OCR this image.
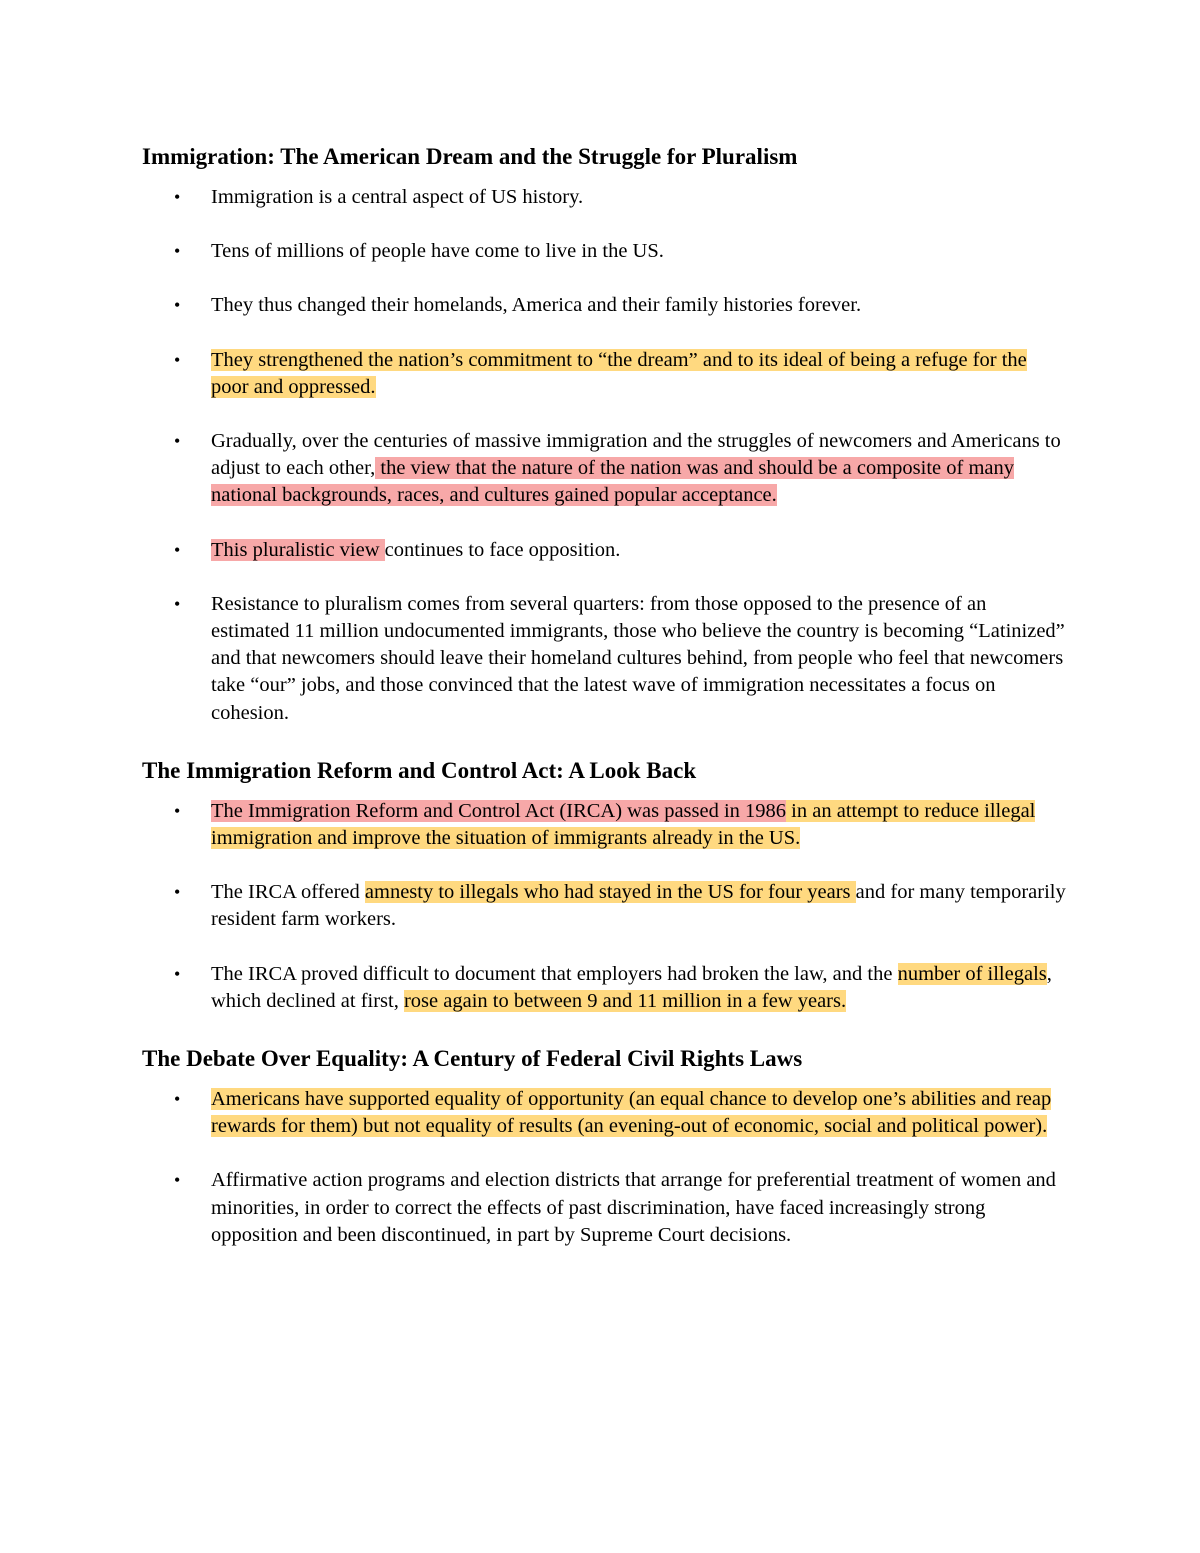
Immigration: The American Dream and the Struggle for Pluralism
• Immigration is a central aspect of US history.
• Tens of millions of people have come to live in the US.
• They thus changed their homelands, America and their family histories forever.
• They strengthened the nation’s commitment to “the dream” and to its ideal of being a refuge for the poor and oppressed.
• Gradually, over the centuries of massive immigration and the struggles of newcomers and Americans to adjust to each other, the view that the nature of the nation was and should be a composite of many national backgrounds, races, and cultures gained popular acceptance.
• This pluralistic view continues to face opposition.
• Resistance to pluralism comes from several quarters: from those opposed to the presence of an estimated 11 million undocumented immigrants, those who believe the country is becoming “Latinized” and that newcomers should leave their homeland cultures behind, from people who feel that newcomers take “our” jobs, and those convinced that the latest wave of immigration necessitates a focus on cohesion.
The Immigration Reform and Control Act: A Look Back
• The Immigration Reform and Control Act (IRCA) was passed in 1986 in an attempt to reduce illegal immigration and improve the situation of immigrants already in the US.
• The IRCA offered amnesty to illegals who had stayed in the US for four years and for many temporarily resident farm workers.
• The IRCA proved difficult to document that employers had broken the law, and the number of illegals, which declined at first, rose again to between 9 and 11 million in a few years.
The Debate Over Equality: A Century of Federal Civil Rights Laws
• Americans have supported equality of opportunity (an equal chance to develop one’s abilities and reap rewards for them) but not equality of results (an evening-out of economic, social and political power).
• Affirmative action programs and election districts that arrange for preferential treatment of women and minorities, in order to correct the effects of past discrimination, have faced increasingly strong opposition and been discontinued, in part by Supreme Court decisions.
